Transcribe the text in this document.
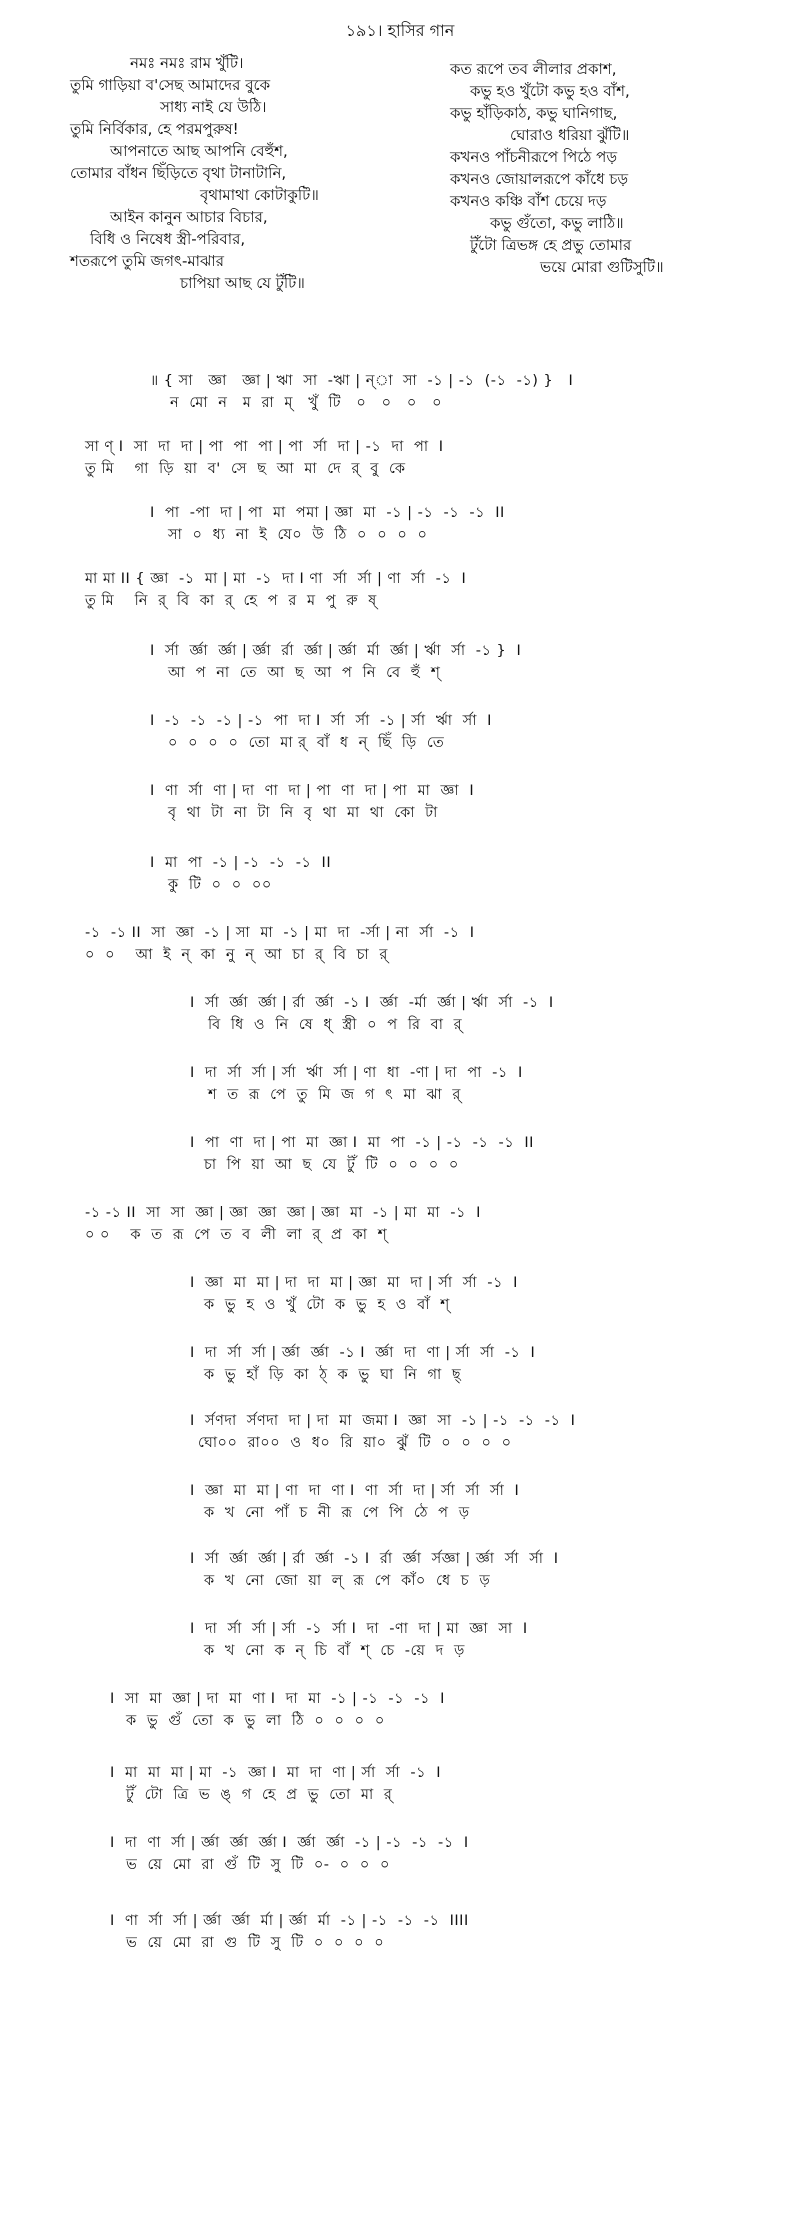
১৯১। হাসির গান
নমঃ নমঃ রাম খুঁটি।
তুমি গাড়িয়া ব'সেছ আমাদের বুকে
সাধ্য নাই যে উঠি।
তুমি নির্বিকার, হে পরমপুরুষ!
আপনাতে আছ আপনি বেহুঁশ,
তোমার বাঁধন ছিঁড়িতে বৃথা টানাটানি,
বৃথামাথা কোটাকুটি॥
আইন কানুন আচার বিচার,
বিধি ও নিষেধ স্ত্রী-পরিবার,
শতরূপে তুমি জগৎ-মাঝার
চাপিয়া আছ যে টুঁটি॥
কত রূপে তব লীলার প্রকাশ,
কভু হও খুঁটো কভু হও বাঁশ,
কভু হাঁড়িকাঠ, কভু ঘানিগাছ,
ঘোরাও ধরিয়া ঝুঁটি॥
কখনও পাঁচনীরূপে পিঠে পড়
কখনও জোয়ালরূপে কাঁধে চড়
কখনও কঞ্চি বাঁশ চেয়ে দড়
কভু গুঁতো, কভু লাঠি॥
টুঁটো ত্রিভঙ্গ হে প্রভু তোমার
ভয়ে মোরা গুটিসুটি॥
॥ { সা   জ্ঞা   জ্ঞা | ঋা  সা  -ঋা | ন্‌া  সা  -১ | -১  (-১  -১) }   I
ন  মো  ন   ম  রা  ম্‌   খুঁ  টি   ০   ০   ০   ০
সা ণ্‌ I  সা  দা  দা | পা  পা  পা | পা  র্সা  দা | -১  দা  পা  I
তু মি    গা  ড়ি  য়া  ব'  সে  ছ  আ  মা  দে  র্‌  বু  কে
I  পা  -পা  দা | পা  মা  পমা | জ্ঞা  মা  -১ | -১  -১  -১  II
সা  ০  ধ্য  না  ই  যে০  উ  ঠি  ০  ০  ০  ০
মা মা II { জ্ঞা  -১  মা | মা  -১  দা I ণা  র্সা  র্সা | ণা  র্সা  -১  I
তু মি    নি  র্‌  বি  কা  র্‌  হে  প  র  ম  পু  রু  ষ্‌
I  র্সা  র্জ্ঞা  র্জ্ঞা | র্জ্ঞা  র্রা  র্জ্ঞা | র্জ্ঞা  র্মা  র্জ্ঞা | র্ঋা  র্সা  -১ }  I
আ  প  না  তে  আ  ছ  আ  প  নি  বে  হুঁ  শ্‌
I  -১  -১  -১ | -১  পা  দা I  র্সা  র্সা  -১ | র্সা  র্ঋা  র্সা  I
০  ০  ০  ০  তো  মা র্‌  বাঁ  ধ  ন্‌  ছিঁ  ড়ি  তে
I  ণা  র্সা  ণা | দা  ণা  দা | পা  ণা  দা | পা  মা  জ্ঞা  I
বৃ  থা  টা  না  টা  নি  বৃ  থা  মা  থা  কো  টা
I  মা  পা  -১ | -১  -১  -১  II
কু  টি  ০  ০  ০০
-১  -১ II  সা  জ্ঞা  -১ | সা  মা  -১ | মা  দা  -র্সা | না  র্সা  -১  I
০  ০    আ  ই  ন্‌  কা  নু  ন্‌  আ  চা  র্‌  বি  চা  র্‌
I  র্সা  র্জ্ঞা  র্জ্ঞা | র্রা  র্জ্ঞা  -১ I  র্জ্ঞা  -র্মা  র্জ্ঞা | র্ঋা  র্সা  -১  I
বি  ধি  ও  নি  ষে  ধ্‌  স্ত্রী  ০  প  রি  বা  র্‌
I  দা  র্সা  র্সা | র্সা  র্ঋা  র্সা | ণা  ধা  -ণা | দা  পা  -১  I
শ  ত  রূ  পে  তু  মি  জ  গ  ৎ  মা  ঝা  র্‌
I  পা  ণা  দা | পা  মা  জ্ঞা I  মা  পা  -১ | -১  -১  -১  II
চা  পি  য়া  আ  ছ  যে  টুঁ  টি  ০  ০  ০  ০
-১ -১ II  সা  সা  জ্ঞা | জ্ঞা  জ্ঞা  জ্ঞা | জ্ঞা  মা  -১ | মা  মা  -১  I
০ ০    ক  ত  রূ  পে  ত  ব  লী  লা  র্‌  প্র  কা  শ্‌
I  জ্ঞা  মা  মা | দা  দা  মা | জ্ঞা  মা  দা | র্সা  র্সা  -১  I
ক  ভু  হ  ও  খুঁ  টো  ক  ভু  হ  ও  বাঁ  শ্‌
I  দা  র্সা  র্সা | র্জ্ঞা  র্জ্ঞা  -১ I  র্জ্ঞা  দা  ণা | র্সা  র্সা  -১  I
ক  ভু  হাঁ  ড়ি  কা  ঠ্‌  ক  ভু  ঘা  নি  গা  ছ্‌
I  র্সণদা  র্সণদা  দা | দা  মা  জমা I  জ্ঞা  সা  -১ | -১  -১  -১  I
ঘো০০  রা০০  ও  ধ০  রি  য়া০  ঝুঁ  টি  ০  ০  ০  ০
I  জ্ঞা  মা  মা | ণা  দা  ণা I  ণা  র্সা  দা | র্সা  র্সা  র্সা  I
ক  খ  নো  পাঁ  চ  নী  রূ  পে  পি  ঠে  প  ড়
I  র্সা  র্জ্ঞা  র্জ্ঞা | র্রা  র্জ্ঞা  -১ I  র্রা  র্জ্ঞা  র্সজ্ঞা | র্জ্ঞা  র্সা  র্সা  I
ক  খ  নো  জো  য়া  ল্‌  রূ  পে  কাঁ০  ধে  চ  ড়
I  দা  র্সা  র্সা | র্সা  -১  র্সা I  দা  -ণা  দা | মা  জ্ঞা  সা  I
ক  খ  নো  ক  ন্‌  চি  বাঁ  শ্‌  চে  -য়ে  দ  ড়
I  সা  মা  জ্ঞা | দা  মা  ণা I  দা  মা  -১ | -১  -১  -১  I
ক  ভু  গুঁ  তো  ক  ভু  লা  ঠি  ০  ০  ০  ০
I  মা  মা  মা | মা  -১  জ্ঞা I  মা  দা  ণা | র্সা  র্সা  -১  I
টুঁ  টো  ত্রি  ভ  ঙ্‌  গ  হে  প্র  ভু  তো  মা  র্‌
I  দা  ণা  র্সা | র্জ্ঞা  র্জ্ঞা  র্জ্ঞা I  র্জ্ঞা  র্জ্ঞা  -১ | -১  -১  -১  I
ভ  য়ে  মো  রা  গুঁ  টি  সু  টি  ০-  ০  ০  ০
I  ণা  র্সা  র্সা | র্জ্ঞা  র্জ্ঞা  র্মা | র্জ্ঞা  র্মা  -১ | -১  -১  -১  IIII
ভ  য়ে  মো  রা  গু  টি  সু  টি  ০  ০  ০  ০
